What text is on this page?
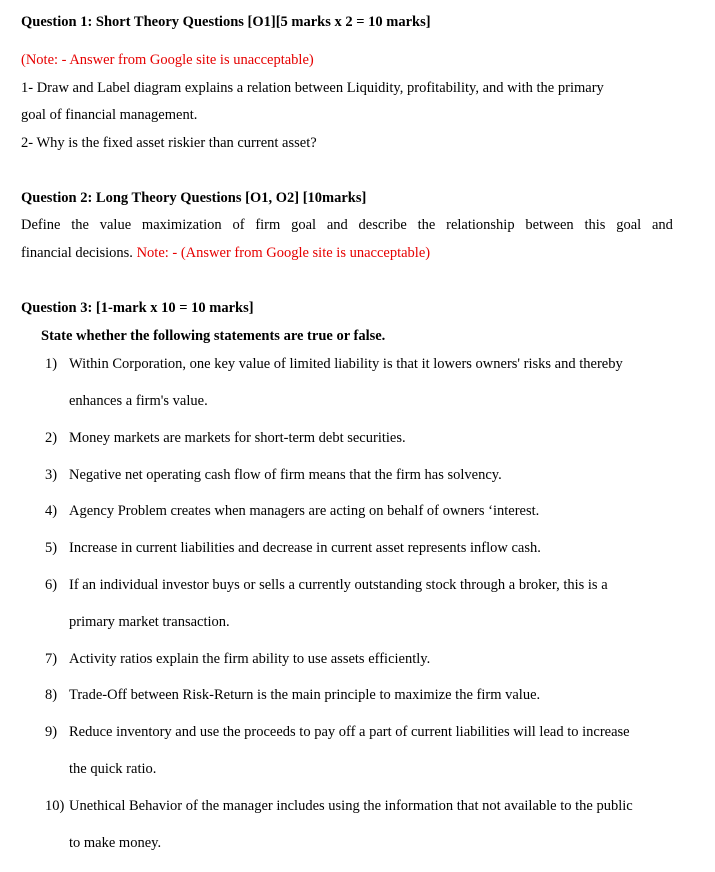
Question 1: Short Theory Questions [O1][5 marks x 2 = 10 marks]
(Note: - Answer from Google site is unacceptable)
1- Draw and Label diagram explains a relation between Liquidity, profitability, and with the primary
goal of financial management.
2- Why is the fixed asset riskier than current asset?
Question 2: Long Theory Questions [O1, O2] [10marks]
Define the value maximization of firm goal and describe the relationship between this goal and
financial decisions. Note: - (Answer from Google site is unacceptable)
Question 3: [1-mark x 10 = 10 marks]
State whether the following statements are true or false.
1) Within Corporation, one key value of limited liability is that it lowers owners' risks and thereby
enhances a firm's value.
2) Money markets are markets for short-term debt securities.
3) Negative net operating cash flow of firm means that the firm has solvency.
4) Agency Problem creates when managers are acting on behalf of owners ‘interest.
5) Increase in current liabilities and decrease in current asset represents inflow cash.
6) If an individual investor buys or sells a currently outstanding stock through a broker, this is a
primary market transaction.
7) Activity ratios explain the firm ability to use assets efficiently.
8) Trade-Off between Risk-Return is the main principle to maximize the firm value.
9) Reduce inventory and use the proceeds to pay off a part of current liabilities will lead to increase
the quick ratio.
10) Unethical Behavior of the manager includes using the information that not available to the public
to make money.
